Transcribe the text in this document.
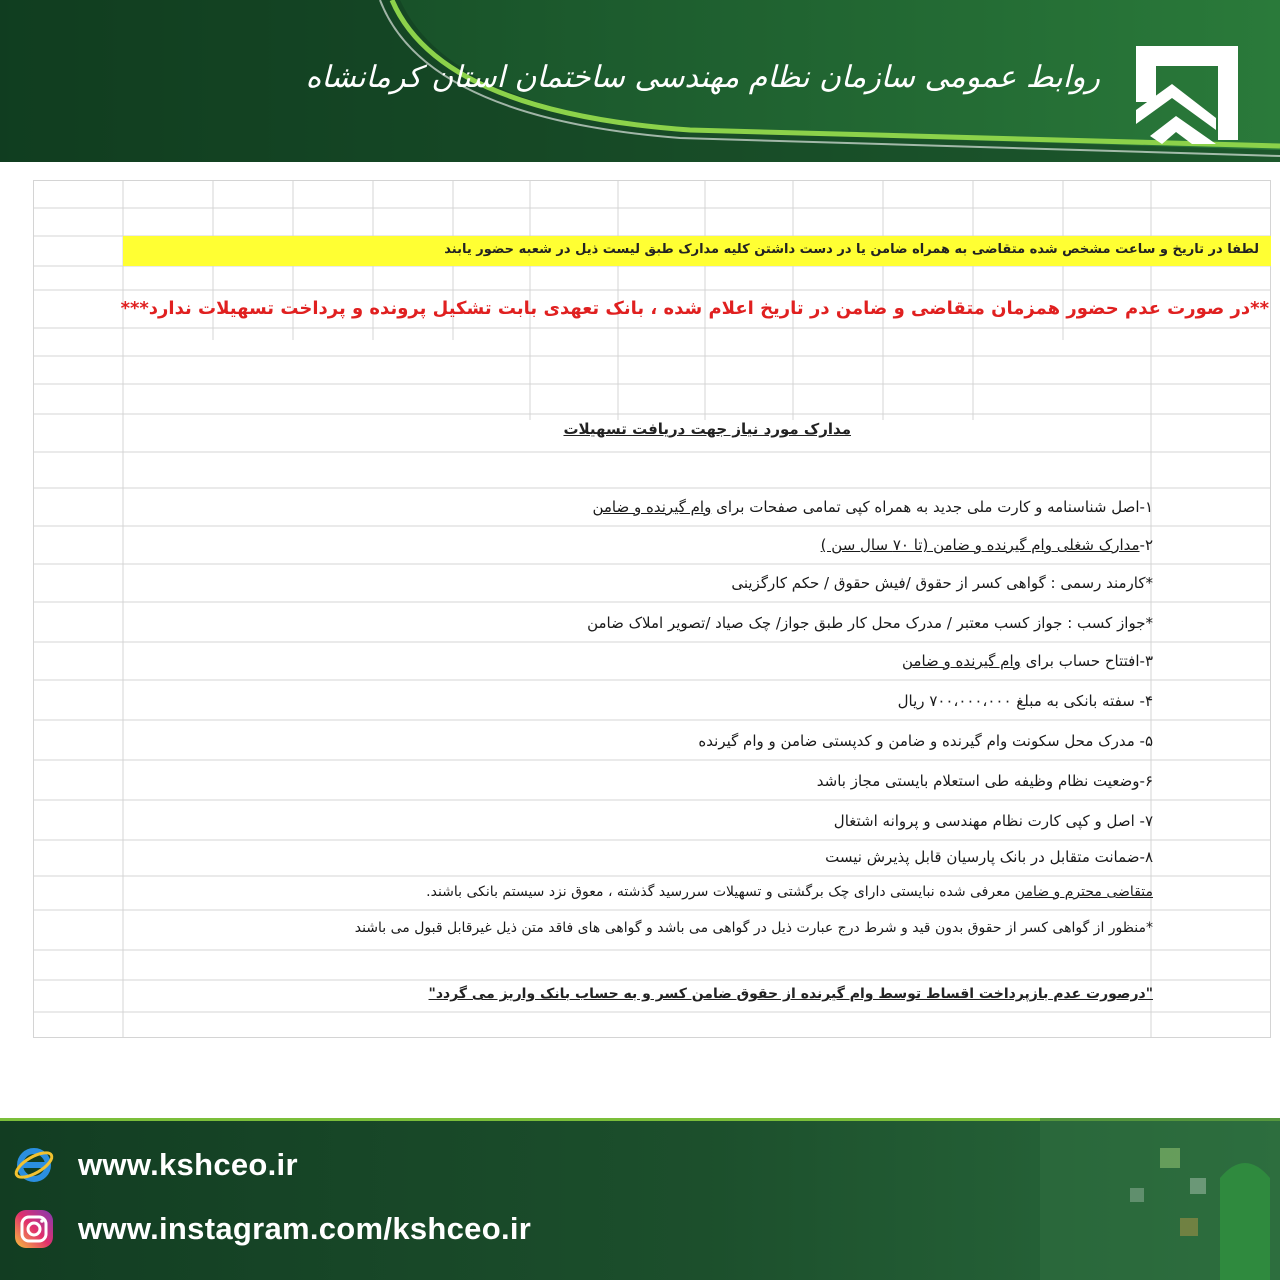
روابط عمومی سازمان نظام مهندسی ساختمان استان کرمانشاه
لطفا در تاریخ و ساعت مشخص شده متقاضی به همراه ضامن یا در دست داشتن کلیه مدارک طبق لیست ذیل در شعبه حضور یابند
**در صورت عدم حضور همزمان متقاضی و ضامن در تاریخ اعلام شده ، بانک تعهدی بابت تشکیل پرونده و پرداخت تسهیلات ندارد***
مدارک مورد نیاز جهت دریافت تسهیلات
۱-اصل شناسنامه و کارت ملی جدید به همراه کپی تمامی صفحات برای وام گیرنده و ضامن
۲-مدارک شغلی وام گیرنده و ضامن (تا ۷۰ سال سن )
*کارمند رسمی : گواهی کسر از حقوق /فیش حقوق / حکم کارگزینی
*جواز کسب : جواز کسب معتبر / مدرک محل کار طبق جواز/ چک صیاد /تصویر املاک ضامن
۳-افتتاح حساب برای وام گیرنده و ضامن
۴- سفته بانکی به مبلغ ۷۰۰،۰۰۰،۰۰۰ ریال
۵- مدرک محل سکونت وام گیرنده و ضامن و کدپستی ضامن و وام گیرنده
۶-وضعیت نظام وظیفه طی استعلام بایستی مجاز باشد
۷- اصل و کپی کارت نظام مهندسی و پروانه اشتغال
۸-ضمانت متقابل در بانک پارسیان قابل پذیرش نیست
متقاضی محترم و ضامن معرفی شده نبایستی دارای چک برگشتی و تسهیلات سررسید گذشته ، معوق نزد سیستم بانکی باشند.
*منظور از گواهی کسر از حقوق بدون قید و شرط درج عبارت ذیل در گواهی می باشد و گواهی های فاقد متن ذیل غیرقابل قبول می باشند
"درصورت عدم بازپرداخت اقساط توسط وام گیرنده از حقوق ضامن کسر و به حساب بانک واریز می گردد"
www.kshceo.ir
www.instagram.com/kshceo.ir
